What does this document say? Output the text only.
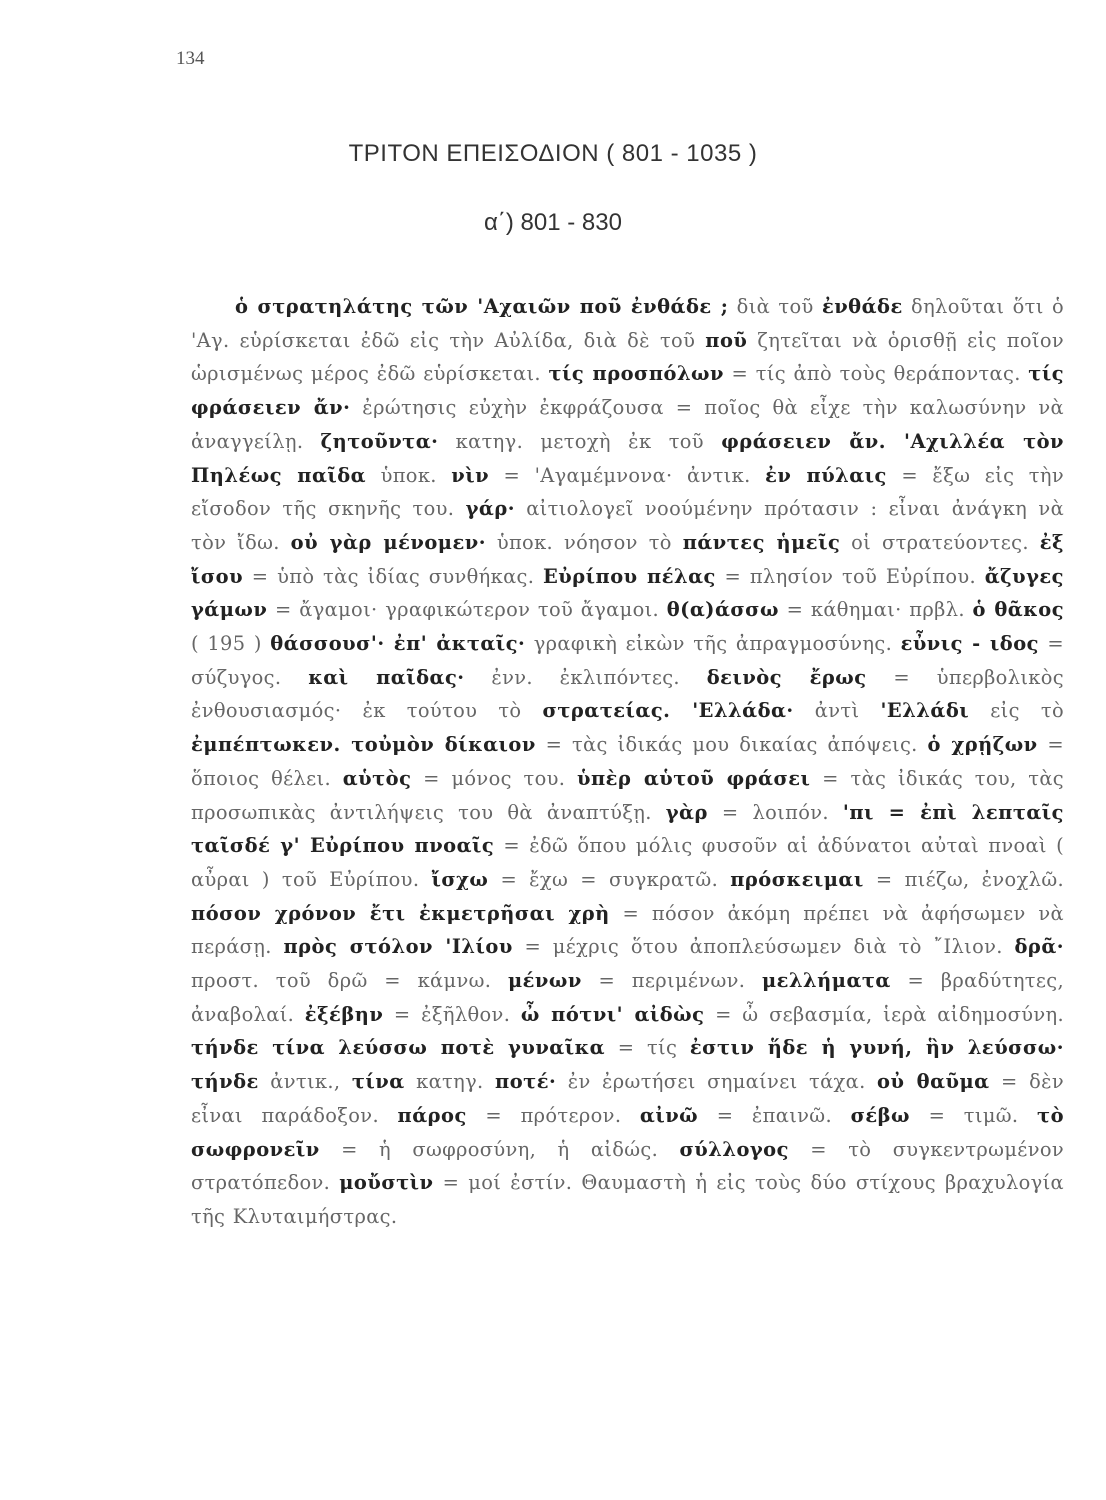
134
ΤΡΙΤΟΝ ΕΠΕΙΣΟΔΙΟΝ ( 801 - 1035 )
α΄) 801 - 830

ὁ στρατηλάτης τῶν 'Αχαιῶν ποῦ ἐνθάδε ; διὰ τοῦ ἐνθάδε δηλοῦται ὅτι ὁ 'Αγ. εὑρίσκεται ἐδῶ εἰς τὴν Αὐλίδα, διὰ δὲ τοῦ ποῦ ζητεῖται νὰ ὁρισθῇ εἰς ποῖον ὡρισμένως μέρος ἐδῶ εὑρίσκεται. τίς προσπόλων = τίς ἀπὸ τοὺς θεράποντας. τίς φράσειεν ἄν· ἐρώτησις εὐχὴν ἐκφράζουσα = ποῖος θὰ εἶχε τὴν καλωσύνην νὰ ἀναγγείλῃ. ζητοῦντα· κατηγ. μετοχὴ ἐκ τοῦ φράσειεν ἄν. 'Αχιλλέα τὸν Πηλέως παῖδα ὑποκ. νὶν = 'Αγαμέμνονα· ἀντικ. ἐν πύλαις = ἔξω εἰς τὴν εἴσοδον τῆς σκηνῆς του. γάρ· αἰτιολογεῖ νοούμένην πρότασιν : εἶναι ἀνάγκη νὰ τὸν ἴδω. οὐ γὰρ μένομεν· ὑποκ. νόησον τὸ πάντες ἡμεῖς οἱ στρατεύοντες. ἐξ ἴσου = ὑπὸ τὰς ἰδίας συνθήκας. Εὐρίπου πέλας = πλησίον τοῦ Εὐρίπου. ἄζυγες γάμων = ἄγαμοι· γραφικώτερον τοῦ ἄγαμοι. θ(α)άσσω = κάθημαι· πρβλ. ὁ θᾶκος ( 195 ) θάσσουσ'· ἐπ' ἀκταῖς· γραφικὴ εἰκὼν τῆς ἀπραγμοσύνης. εὖνις - ιδος = σύζυγος. καὶ παῖδας· ἐνν. ἐκλιπόντες. δεινὸς ἔρως = ὑπερβολικὸς ἐνθουσιασμός· ἐκ τούτου τὸ στρατείας. 'Ελλάδα· ἀντὶ 'Ελλάδι εἰς τὸ ἐμπέπτωκεν. τοὐμὸν δίκαιον = τὰς ἰδικάς μου δικαίας ἀπόψεις. ὁ χρῄζων = ὅποιος θέλει. αὑτὸς = μόνος του. ὑπὲρ αὑτοῦ φράσει = τὰς ἰδικάς του, τὰς προσωπικὰς ἀντιλήψεις του θὰ ἀναπτύξῃ. γὰρ = λοιπόν. 'πι = ἐπὶ λεπταῖς ταῖσδέ γ' Εὐρίπου πνοαῖς = ἐδῶ ὅπου μόλις φυσοῦν αἱ ἀδύνατοι αὐταὶ πνοαὶ ( αὖραι ) τοῦ Εὐρίπου. ἴσχω = ἔχω = συγκρατῶ. πρόσκειμαι = πιέζω, ἐνοχλῶ. πόσον χρόνον ἔτι ἐκμετρῆσαι χρὴ = πόσον ἀκόμη πρέπει νὰ ἀφήσωμεν νὰ περάσῃ. πρὸς στόλον 'Ιλίου = μέχρις ὅτου ἀποπλεύσωμεν διὰ τὸ ῎Ιλιον. δρᾶ· προστ. τοῦ δρῶ = κάμνω. μένων = περιμένων. μελλήματα = βραδύτητες, ἀναβολαί. ἐξέβην = ἐξῆλθον. ὦ πότνι' αἰδὼς = ὦ σεβασμία, ἱερὰ αἰδημοσύνη. τήνδε τίνα λεύσσω ποτὲ γυναῖκα = τίς ἐστιν ἥδε ἡ γυνή, ἣν λεύσσω· τήνδε ἀντικ., τίνα κατηγ. ποτέ· ἐν ἐρωτήσει σημαίνει τάχα. οὐ θαῦμα = δὲν εἶναι παράδοξον. πάρος = πρότερον. αἰνῶ = ἐπαινῶ. σέβω = τιμῶ. τὸ σωφρονεῖν = ἡ σωφροσύνη, ἡ αἰδώς. σύλλογος = τὸ συγκεντρωμένον στρατόπεδον. μοὔστὶν = μοί ἐστίν. Θαυμαστὴ ἡ εἰς τοὺς δύο στίχους βραχυλογία τῆς Κλυταιμήστρας.
